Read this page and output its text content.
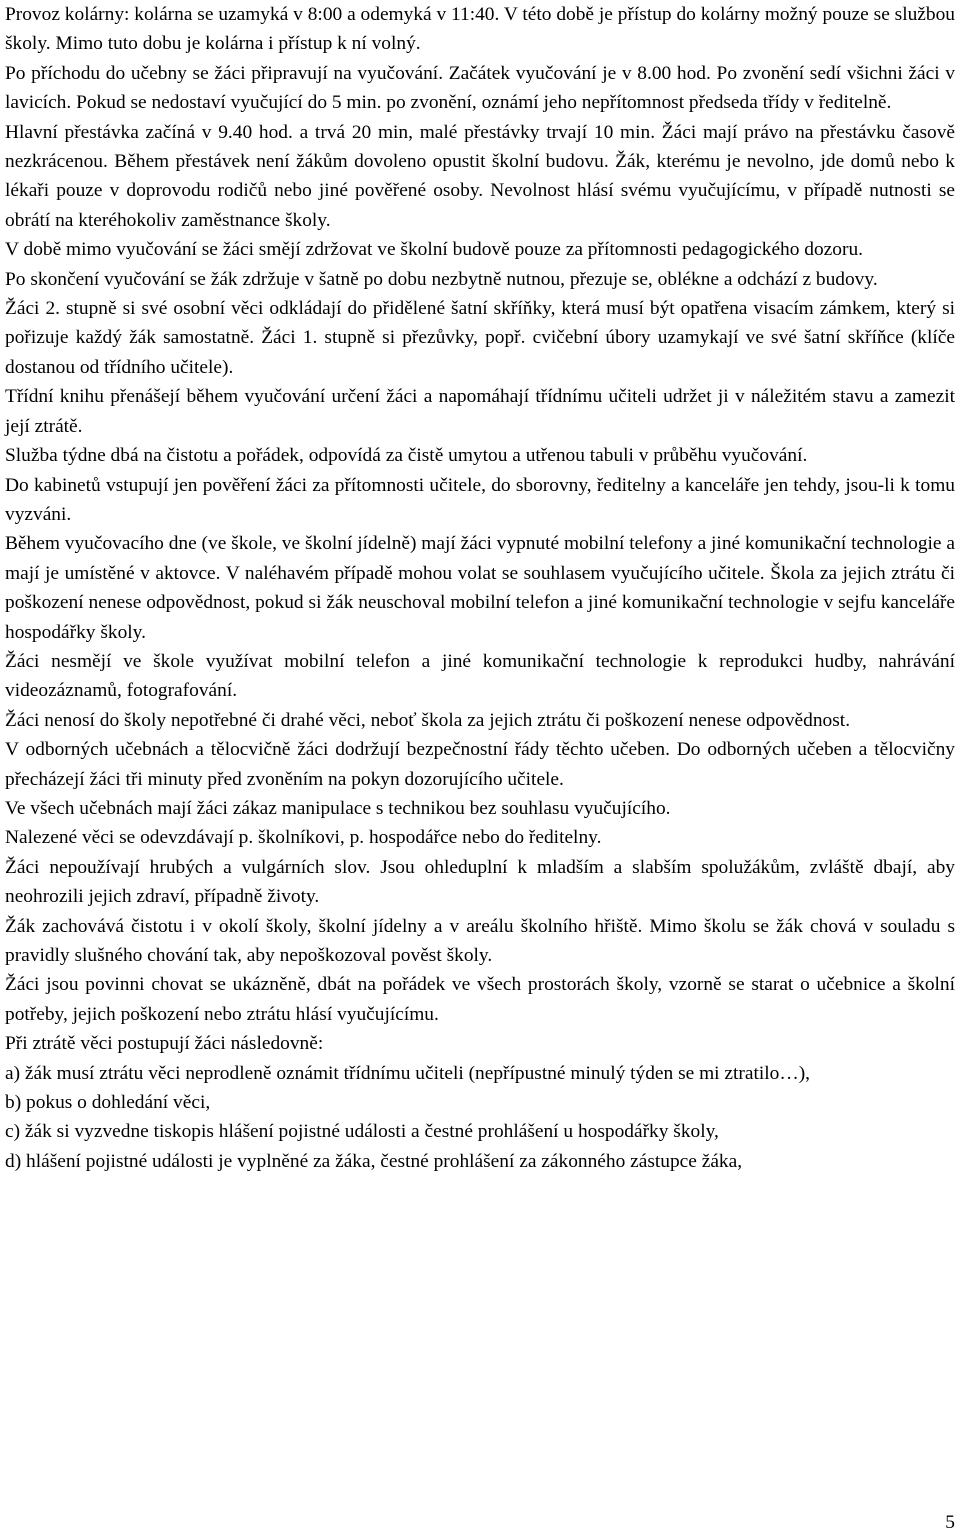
Provoz kolárny: kolárna se uzamyká v 8:00 a odemyká v 11:40. V této době je přístup do kolárny možný pouze se službou školy. Mimo tuto dobu je kolárna i přístup k ní volný.

Po příchodu do učebny se žáci připravují na vyučování. Začátek vyučování je v 8.00 hod. Po zvonění sedí všichni žáci v lavicích. Pokud se nedostaví vyučující do 5 min. po zvonění, oznámí jeho nepřítomnost předseda třídy v ředitelně.

Hlavní přestávka začíná v 9.40 hod. a trvá 20 min, malé přestávky trvají 10 min. Žáci mají právo na přestávku časově nezkrácenou. Během přestávek není žákům dovoleno opustit školní budovu. Žák, kterému je nevolno, jde domů nebo k lékaři pouze v doprovodu rodičů nebo jiné pověřené osoby. Nevolnost hlásí svému vyučujícímu, v případě nutnosti se obrátí na kteréhokoliv zaměstnance školy.

V době mimo vyučování se žáci smějí zdržovat ve školní budově pouze za přítomnosti pedagogického dozoru.

Po skončení vyučování se žák zdržuje v šatně po dobu nezbytně nutnou, přezuje se, oblékne a odchází z budovy.

Žáci 2. stupně si své osobní věci odkládají do přidělené šatní skříňky, která musí být opatřena visacím zámkem, který si pořizuje každý žák samostatně. Žáci 1. stupně si přezůvky, popř. cvičební úbory uzamykají ve své šatní skříňce (klíče dostanou od třídního učitele).

Třídní knihu přenášejí během vyučování určení žáci a napomáhají třídnímu učiteli udržet ji v náležitém stavu a zamezit její ztrátě.

Služba týdne dbá na čistotu a pořádek, odpovídá za čistě umytou a utřenou tabuli v průběhu vyučování.

Do kabinetů vstupují jen pověření žáci za přítomnosti učitele, do sborovny, ředitelny a kanceláře jen tehdy, jsou-li k tomu vyzváni.

Během vyučovacího dne (ve škole, ve školní jídelně) mají žáci vypnuté mobilní telefony a jiné komunikační technologie a mají je umístěné v aktovce. V naléhavém případě mohou volat se souhlasem vyučujícího učitele. Škola za jejich ztrátu či poškození nenese odpovědnost, pokud si žák neuschoval mobilní telefon a jiné komunikační technologie v sejfu kanceláře hospodářky školy.

Žáci nesmějí ve škole využívat mobilní telefon a jiné komunikační technologie k reprodukci hudby, nahrávání videozáznamů, fotografování.

Žáci nenosí do školy nepotřebné či drahé věci, neboť škola za jejich ztrátu či poškození nenese odpovědnost.

V odborných učebnách a tělocvičně žáci dodržují bezpečnostní řády těchto učeben. Do odborných učeben a tělocvičny přecházejí žáci tři minuty před zvoněním na pokyn dozorujícího učitele.

Ve všech učebnách mají žáci zákaz manipulace s technikou bez souhlasu vyučujícího.

Nalezené věci se odevzdávají p. školníkovi, p. hospodářce nebo do ředitelny.

Žáci nepoužívají hrubých a vulgárních slov. Jsou ohleduplní k mladším a slabším spolužákům, zvláště dbají, aby neohrozili jejich zdraví, případně životy.

Žák zachovává čistotu i v okolí školy, školní jídelny a v areálu školního hřiště. Mimo školu se žák chová v souladu s pravidly slušného chování tak, aby nepoškozoval pověst školy.

Žáci jsou povinni chovat se ukázněně, dbát na pořádek ve všech prostorách školy, vzorně se starat o učebnice a školní potřeby, jejich poškození nebo ztrátu hlásí vyučujícímu.

Při ztrátě věci postupují žáci následovně:

a) žák musí ztrátu věci neprodleně oznámit třídnímu učiteli (nepřípustné minulý týden se mi ztratilo…),

b) pokus o dohledání věci,

c) žák si vyzvedne tiskopis hlášení pojistné události a čestné prohlášení u hospodářky školy,

d) hlášení pojistné události je vyplněné za žáka, čestné prohlášení za zákonného zástupce žáka,

5
